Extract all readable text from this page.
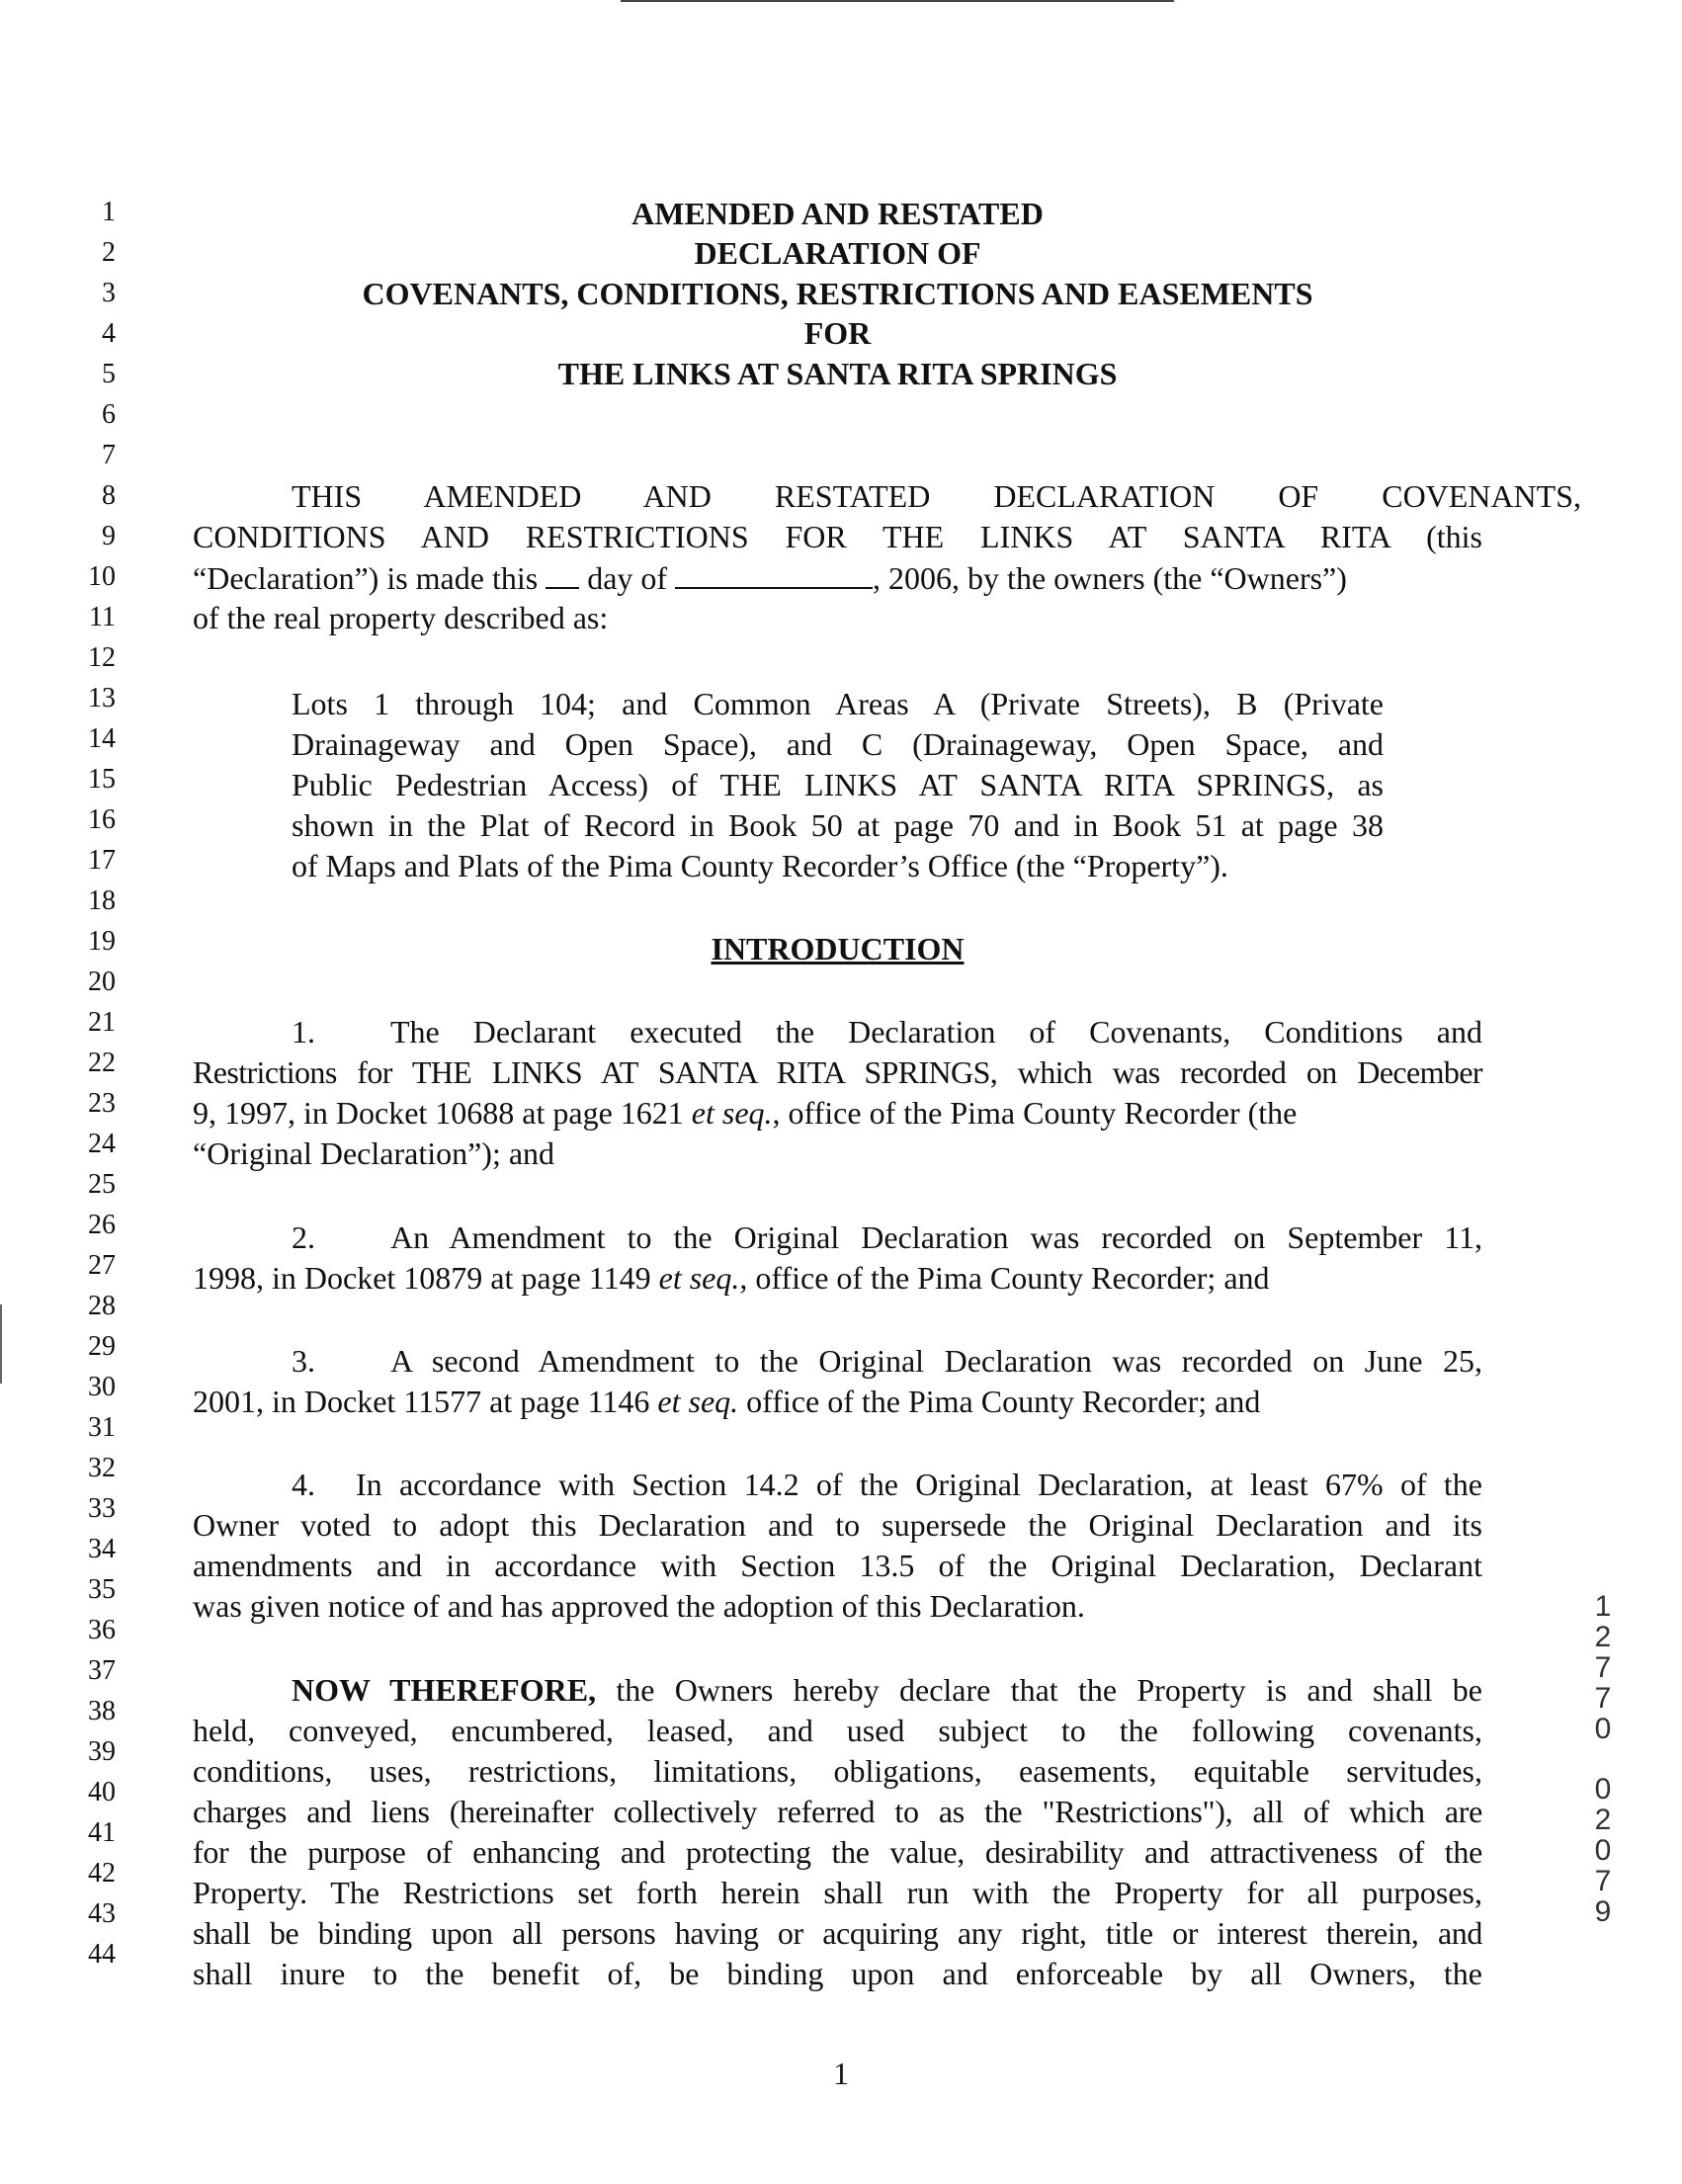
1
2
3
4
5
6
7
8
9
10
11
12
13
14
15
16
17
18
19
20
21
22
23
24
25
26
27
28
29
30
31
32
33
34
35
36
37
38
39
40
41
42
43
44
AMENDED AND RESTATED
DECLARATION OF
COVENANTS, CONDITIONS, RESTRICTIONS AND EASEMENTS
FOR
THE LINKS AT SANTA RITA SPRINGS
THIS AMENDED AND RESTATED DECLARATION OF COVENANTS,
CONDITIONS AND RESTRICTIONS FOR THE LINKS AT SANTA RITA (this
“Declaration”) is made this day of	, 2006, by the owners (the “Owners”)
of the real property described as:
Lots 1 through 104; and Common Areas A (Private Streets), B (Private
Drainageway and Open Space), and C (Drainageway, Open Space, and
Public Pedestrian Access) of THE LINKS AT SANTA RITA SPRINGS, as
shown in the Plat of Record in Book 50 at page 70 and in Book 51 at page 38
of Maps and Plats of the Pima County Recorder’s Office (the “Property”).
INTRODUCTION
1. The Declarant executed the Declaration of Covenants, Conditions and
Restrictions for THE LINKS AT SANTA RITA SPRINGS, which was recorded on December
9, 1997, in Docket 10688 at page 1621 et seq., office of the Pima County Recorder (the
“Original Declaration”); and
2. An Amendment to the Original Declaration was recorded on September 11,
1998, in Docket 10879 at page 1149 et seq., office of the Pima County Recorder; and
3. A second Amendment to the Original Declaration was recorded on June 25,
2001, in Docket 11577 at page 1146 et seq. office of the Pima County Recorder; and
4. In accordance with Section 14.2 of the Original Declaration, at least 67% of the
Owner voted to adopt this Declaration and to supersede the Original Declaration and its
amendments and in accordance with Section 13.5 of the Original Declaration, Declarant
was given notice of and has approved the adoption of this Declaration.
NOW THEREFORE, the Owners hereby declare that the Property is and shall be
held, conveyed, encumbered, leased, and used subject to the following covenants,
conditions, uses, restrictions, limitations, obligations, easements, equitable servitudes,
charges and liens (hereinafter collectively referred to as the "Restrictions"), all of which are
for the purpose of enhancing and protecting the value, desirability and attractiveness of the
Property. The Restrictions set forth herein shall run with the Property for all purposes,
shall be binding upon all persons having or acquiring any right, title or interest therein, and
shall inure to the benefit of, be binding upon and enforceable by all Owners, the
1
2
7
7
0
0
2
0
7
9
1
